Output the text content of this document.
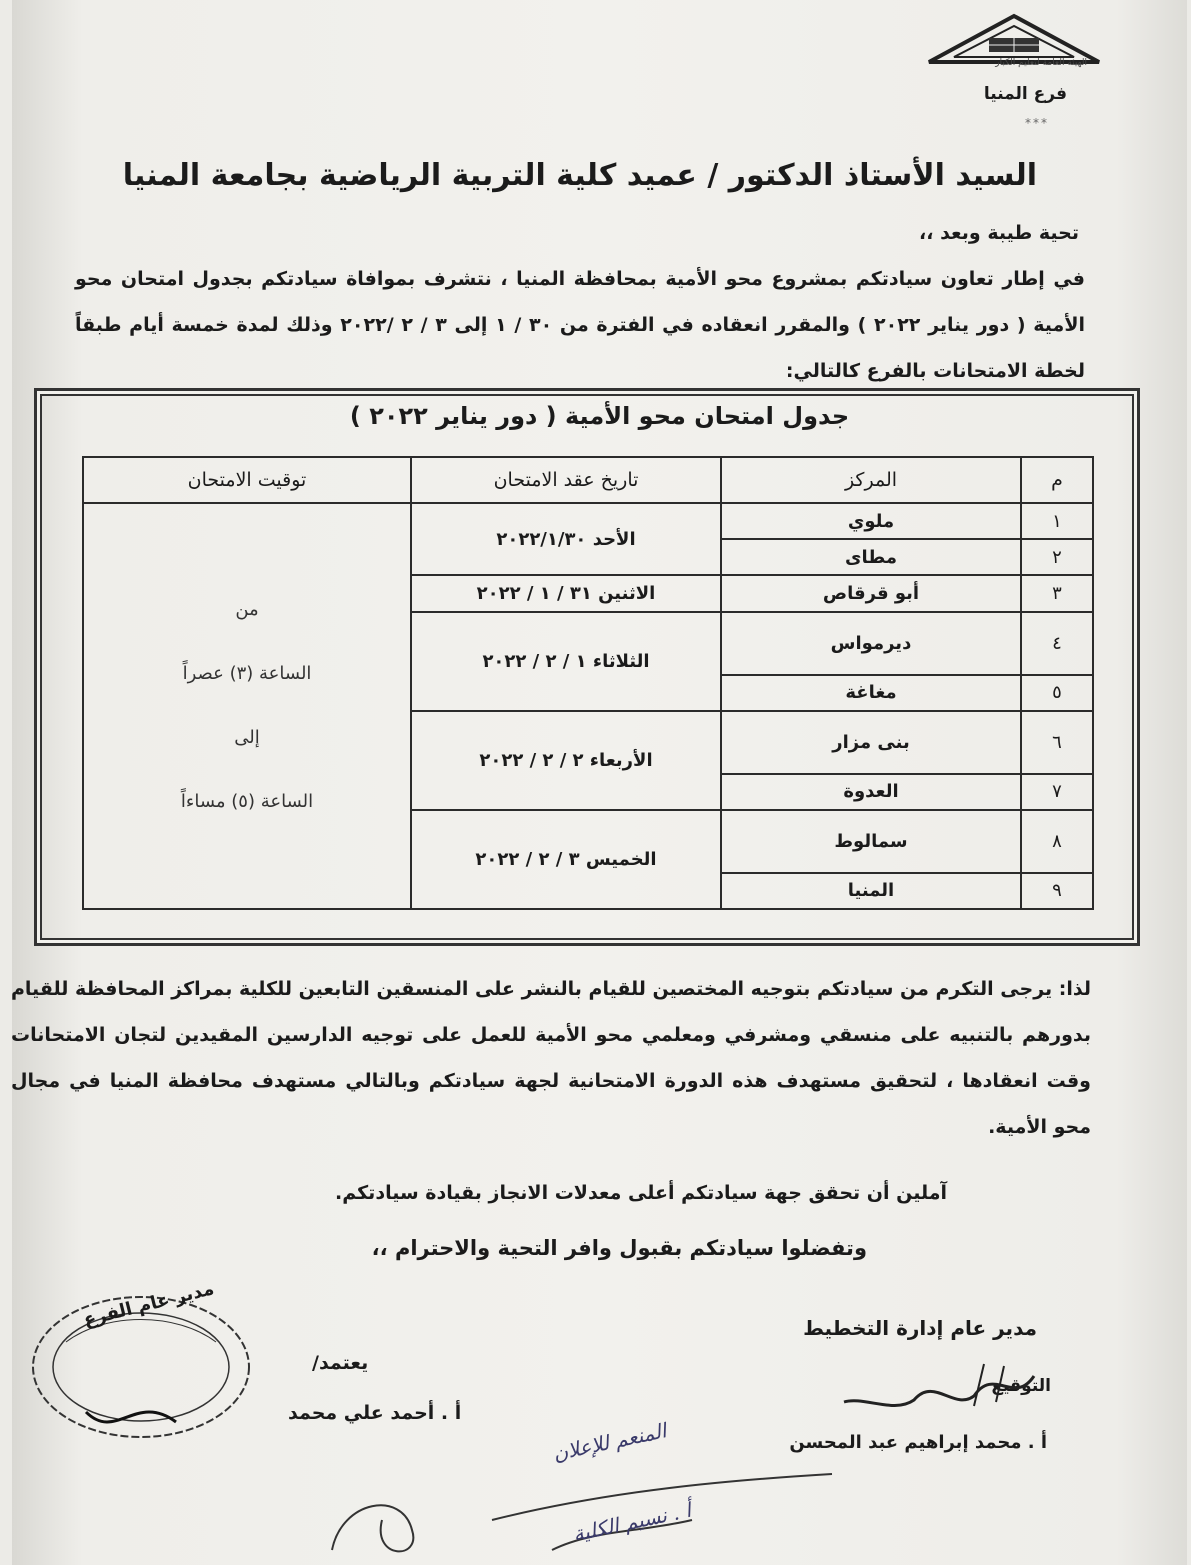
الهيئة العامة لتعليم الكبار
فرع المنيا
***
السيد الأستاذ الدكتور / عميد كلية التربية الرياضية بجامعة المنيا
تحية طيبة وبعد ،،
في إطار تعاون سيادتكم بمشروع محو الأمية بمحافظة المنيا ، نتشرف بموافاة سيادتكم بجدول امتحان محو الأمية ( دور يناير ٢٠٢٢ ) والمقرر انعقاده في الفترة من ٣٠ / ١ إلى ٣ / ٢ /٢٠٢٢ وذلك لمدة خمسة أيام طبقاً لخطة الامتحانات بالفرع كالتالي:
جدول امتحان محو الأمية ( دور يناير ٢٠٢٢ )
م	المركز	تاريخ عقد الامتحان	توقيت الامتحان
١	ملوي	الأحد ٢٠٢٢/١/٣٠	من
الساعة (٣) عصراً
إلى
الساعة (٥) مساءاً

٢	مطاى		
٣	أبو قرقاص	الاثنين ٣١ / ١ / ٢٠٢٢	
٤	ديرمواس	الثلاثاء ١ / ٢ / ٢٠٢٢	
٥	مغاغة		
٦	بنى مزار	الأربعاء ٢ / ٢ / ٢٠٢٢	
٧	العدوة		
٨	سمالوط	الخميس ٣ / ٢ / ٢٠٢٢	
٩	المنيا		
لذا: يرجى التكرم من سيادتكم بتوجيه المختصين للقيام بالنشر على المنسقين التابعين للكلية بمراكز المحافظة للقيام بدورهم بالتنبيه على منسقي ومشرفي ومعلمي محو الأمية للعمل على توجيه الدارسين المقيدين لتجان الامتحانات وقت انعقادها ، لتحقيق مستهدف هذه الدورة الامتحانية لجهة سيادتكم وبالتالي مستهدف محافظة المنيا في مجال محو الأمية.
آملين أن تحقق جهة سيادتكم أعلى معدلات الانجاز بقيادة سيادتكم.
وتفضلوا سيادتكم بقبول وافر التحية والاحترام ،،
مدير عام إدارة التخطيط
التوقيع
أ . محمد إبراهيم عبد المحسن
مدير عام الفرع
يعتمد/
أ . أحمد علي محمد
المنعم للإعلان
أ . نسيم الكلية
